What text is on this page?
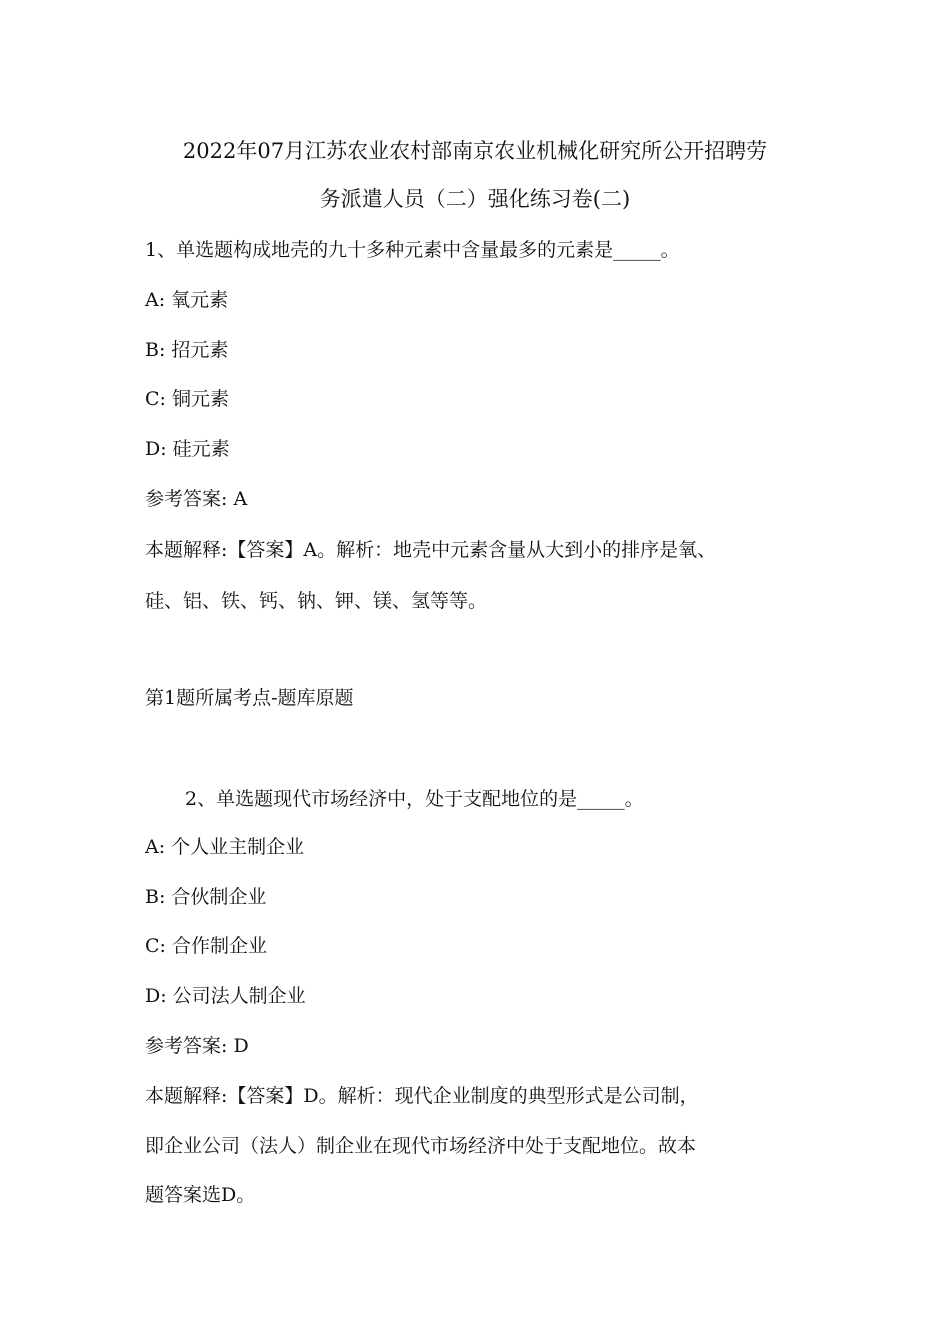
2022年07月江苏农业农村部南京农业机械化研究所公开招聘劳
务派遣人员（二）强化练习卷(二)
1、单选题构成地壳的九十多种元素中含量最多的元素是_____。
A: 氧元素
B: 招元素
C: 铜元素
D: 硅元素
参考答案: A
本题解释:【答案】A。解析：地壳中元素含量从大到小的排序是氧、
硅、铝、铁、钙、钠、钾、镁、氢等等。
第1题所属考点-题库原题
2、单选题现代市场经济中，处于支配地位的是_____。
A: 个人业主制企业
B: 合伙制企业
C: 合作制企业
D: 公司法人制企业
参考答案: D
本题解释:【答案】D。解析：现代企业制度的典型形式是公司制，
即企业公司（法人）制企业在现代市场经济中处于支配地位。故本
题答案选D。
